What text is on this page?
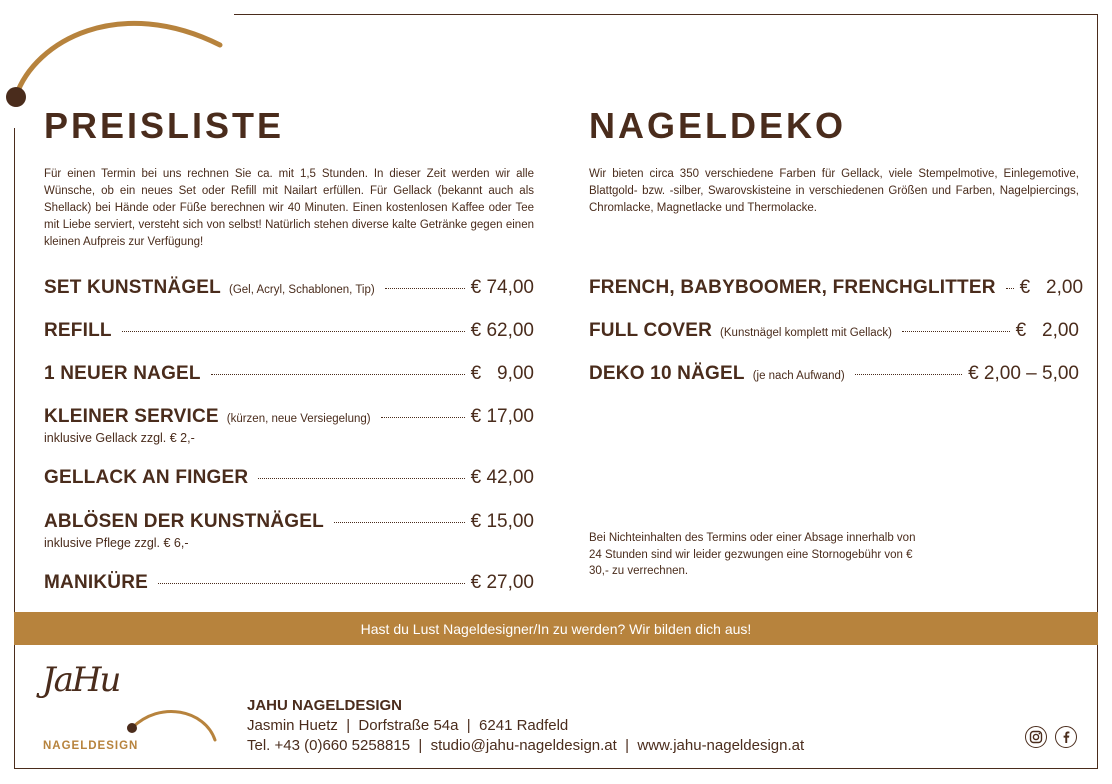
PREISLISTE
Für einen Termin bei uns rechnen Sie ca. mit 1,5 Stunden. In dieser Zeit werden wir alle Wünsche, ob ein neues Set oder Refill mit Nailart erfüllen. Für Gellack (bekannt auch als Shellack) bei Hände oder Füße berechnen wir 40 Minuten. Einen kostenlosen Kaffee oder Tee mit Liebe serviert, versteht sich von selbst! Natürlich stehen diverse kalte Getränke gegen einen kleinen Aufpreis zur Verfügung!
SET KUNSTNÄGEL (Gel, Acryl, Schablonen, Tip)	€ 74,00
REFILL	€ 62,00
1 NEUER NAGEL	€   9,00
KLEINER SERVICE (kürzen, neue Versiegelung)	€ 17,00
inklusive Gellack zzgl. € 2,-
GELLACK AN FINGER	€ 42,00
ABLÖSEN DER KUNSTNÄGEL	€ 15,00
inklusive Pflege zzgl. € 6,-
MANIKÜRE	€ 27,00
NAGELDEKO
Wir bieten circa 350 verschiedene Farben für Gellack, viele Stempelmotive, Einlegemotive, Blattgold- bzw. -silber, Swarovskisteine in verschiedenen Größen und Farben, Nagelpiercings, Chromlacke, Magnetlacke und Thermolacke.
FRENCH, BABYBOOMER, FRENCHGLITTER €   2,00
FULL COVER (Kunstnägel komplett mit Gellack)	€   2,00
DEKO 10 NÄGEL (je nach Aufwand)	€ 2,00 – 5,00
Bei Nichteinhalten des Termins oder einer Absage innerhalb von 24 Stunden sind wir leider gezwungen eine Stornogebühr von € 30,- zu verrechnen.
Hast du Lust Nageldesigner/In zu werden? Wir bilden dich aus!
JaHu
NAGELDESIGN
JAHU NAGELDESIGN
Jasmin Huetz  |  Dorfstraße 54a  |  6241 Radfeld
Tel. +43 (0)660 5258815  |  studio@jahu-nageldesign.at  |  www.jahu-nageldesign.at
